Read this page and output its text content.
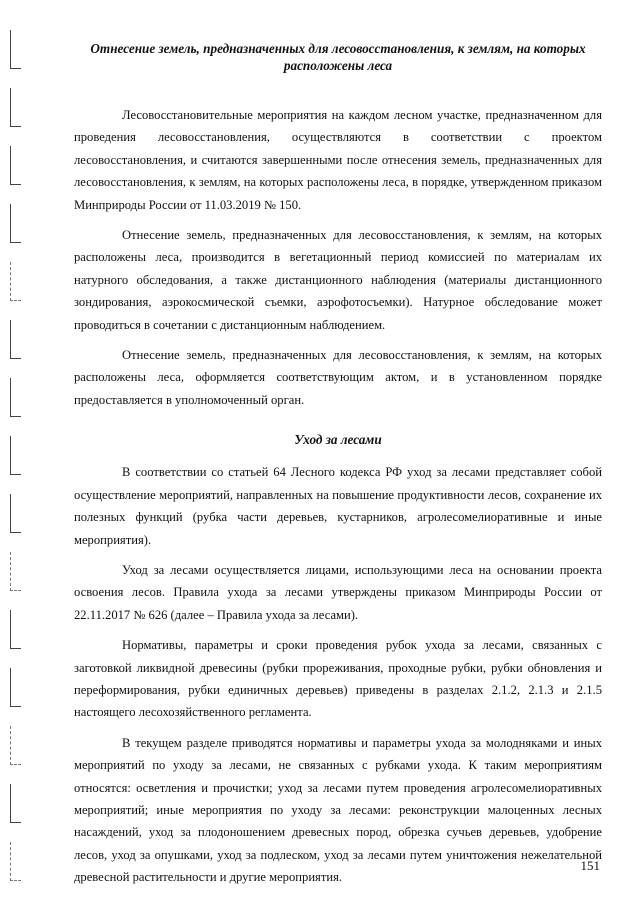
Отнесение земель, предназначенных для лесовосстановления, к землям, на которых расположены леса

Лесовосстановительные мероприятия на каждом лесном участке, предназначенном для проведения лесовосстановления, осуществляются в соответствии с проектом лесовосстановления, и считаются завершенными после отнесения земель, предназначенных для лесовосстановления, к землям, на которых расположены леса, в порядке, утвержденном приказом Минприроды России от 11.03.2019 № 150.

Отнесение земель, предназначенных для лесовосстановления, к землям, на которых расположены леса, производится в вегетационный период комиссией по материалам их натурного обследования, а также дистанционного наблюдения (материалы дистанционного зондирования, аэрокосмической съемки, аэрофотосъемки). Натурное обследование может проводиться в сочетании с дистанционным наблюдением.

Отнесение земель, предназначенных для лесовосстановления, к землям, на которых расположены леса, оформляется соответствующим актом, и в установленном порядке предоставляется в уполномоченный орган.

Уход за лесами

В соответствии со статьей 64 Лесного кодекса РФ уход за лесами представляет собой осуществление мероприятий, направленных на повышение продуктивности лесов, сохранение их полезных функций (рубка части деревьев, кустарников, агролесомелиоративные и иные мероприятия).

Уход за лесами осуществляется лицами, использующими леса на основании проекта освоения лесов. Правила ухода за лесами утверждены приказом Минприроды России от 22.11.2017 № 626 (далее – Правила ухода за лесами).

Нормативы, параметры и сроки проведения рубок ухода за лесами, связанных с заготовкой ликвидной древесины (рубки прореживания, проходные рубки, рубки обновления и переформирования, рубки единичных деревьев) приведены в разделах 2.1.2, 2.1.3 и 2.1.5 настоящего лесохозяйственного регламента.

В текущем разделе приводятся нормативы и параметры ухода за молодняками и иных мероприятий по уходу за лесами, не связанных с рубками ухода. К таким мероприятиям относятся: осветления и прочистки; уход за лесами путем проведения агролесомелиоративных мероприятий; иные мероприятия по уходу за лесами: реконструкции малоценных лесных насаждений, уход за плодоношением древесных пород, обрезка сучьев деревьев, удобрение лесов, уход за опушками, уход за подлеском, уход за лесами путем уничтожения нежелательной древесной растительности и другие мероприятия.

151
